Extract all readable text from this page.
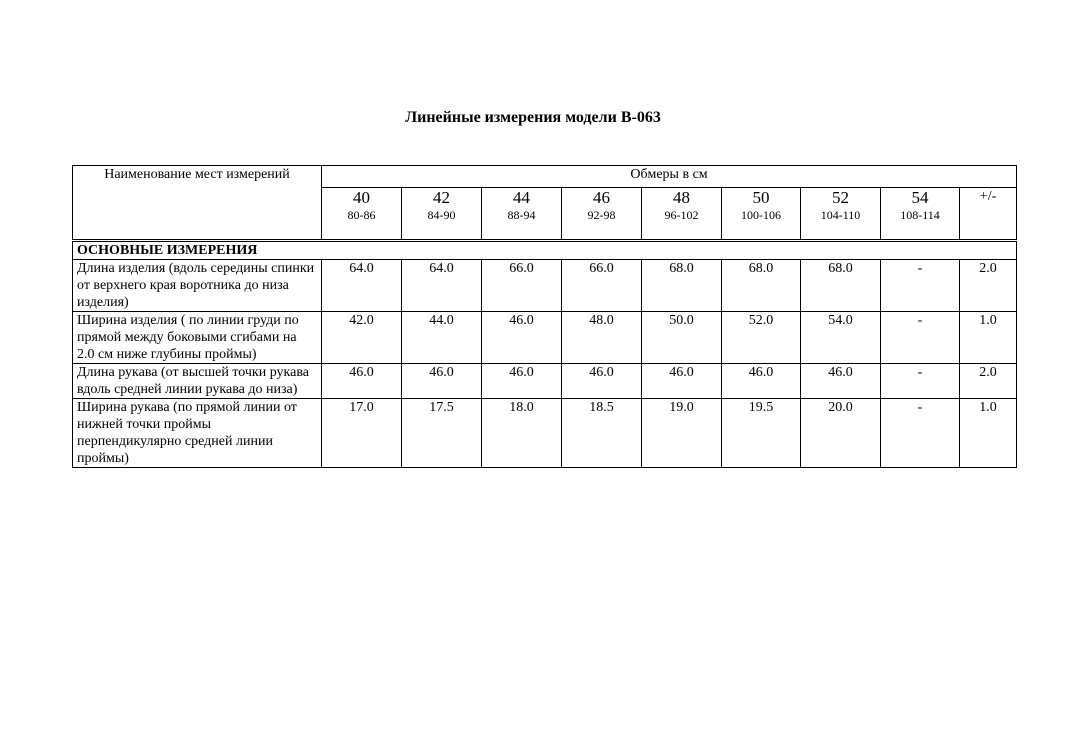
Линейные измерения модели В-063
Наименование мест измерений	Обмеры в см								
	40	42	44	46	48	50	52	54	+/-
	80-86	84-90	88-94	92-98	96-102	100-106	104-110	108-114	
ОСНОВНЫЕ ИЗМЕРЕНИЯ									
Длина изделия (вдоль середины спинки от верхнего края воротника до низа изделия)	64.0	64.0	66.0	66.0	68.0	68.0	68.0	-	2.0
Ширина изделия ( по линии груди по прямой между боковыми сгибами на 2.0 см ниже глубины проймы)	42.0	44.0	46.0	48.0	50.0	52.0	54.0	-	1.0
Длина рукава (от высшей точки рукава вдоль средней линии рукава до низа)	46.0	46.0	46.0	46.0	46.0	46.0	46.0	-	2.0
Ширина рукава (по прямой линии от нижней точки проймы перпендикулярно средней линии проймы)	17.0	17.5	18.0	18.5	19.0	19.5	20.0	-	1.0
